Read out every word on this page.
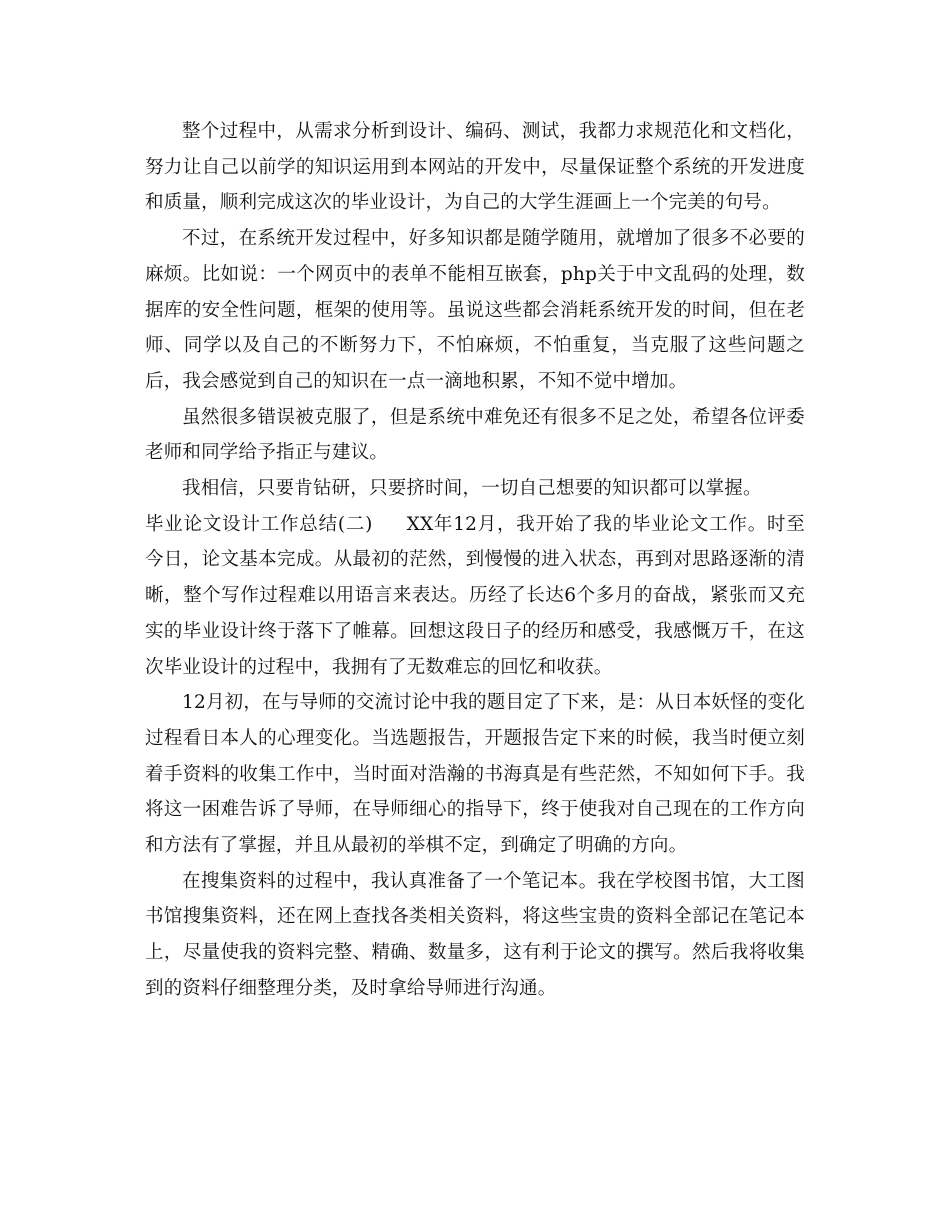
整个过程中，从需求分析到设计、编码、测试，我都力求规范化和文档化，努力让自己以前学的知识运用到本网站的开发中，尽量保证整个系统的开发进度和质量，顺利完成这次的毕业设计，为自己的大学生涯画上一个完美的句号。

不过，在系统开发过程中，好多知识都是随学随用，就增加了很多不必要的麻烦。比如说：一个网页中的表单不能相互嵌套，php关于中文乱码的处理，数据库的安全性问题，框架的使用等。虽说这些都会消耗系统开发的时间，但在老师、同学以及自己的不断努力下，不怕麻烦，不怕重复，当克服了这些问题之后，我会感觉到自己的知识在一点一滴地积累，不知不觉中增加。

虽然很多错误被克服了，但是系统中难免还有很多不足之处，希望各位评委老师和同学给予指正与建议。

我相信，只要肯钻研，只要挤时间，一切自己想要的知识都可以掌握。

毕业论文设计工作总结(二) XX年12月，我开始了我的毕业论文工作。时至今日，论文基本完成。从最初的茫然，到慢慢的进入状态，再到对思路逐渐的清晰，整个写作过程难以用语言来表达。历经了长达6个多月的奋战，紧张而又充实的毕业设计终于落下了帷幕。回想这段日子的经历和感受，我感慨万千，在这次毕业设计的过程中，我拥有了无数难忘的回忆和收获。

12月初，在与导师的交流讨论中我的题目定了下来，是：从日本妖怪的变化过程看日本人的心理变化。当选题报告，开题报告定下来的时候，我当时便立刻着手资料的收集工作中，当时面对浩瀚的书海真是有些茫然，不知如何下手。我将这一困难告诉了导师，在导师细心的指导下，终于使我对自己现在的工作方向和方法有了掌握，并且从最初的举棋不定，到确定了明确的方向。

在搜集资料的过程中，我认真准备了一个笔记本。我在学校图书馆，大工图书馆搜集资料，还在网上查找各类相关资料，将这些宝贵的资料全部记在笔记本上，尽量使我的资料完整、精确、数量多，这有利于论文的撰写。然后我将收集到的资料仔细整理分类，及时拿给导师进行沟通。
